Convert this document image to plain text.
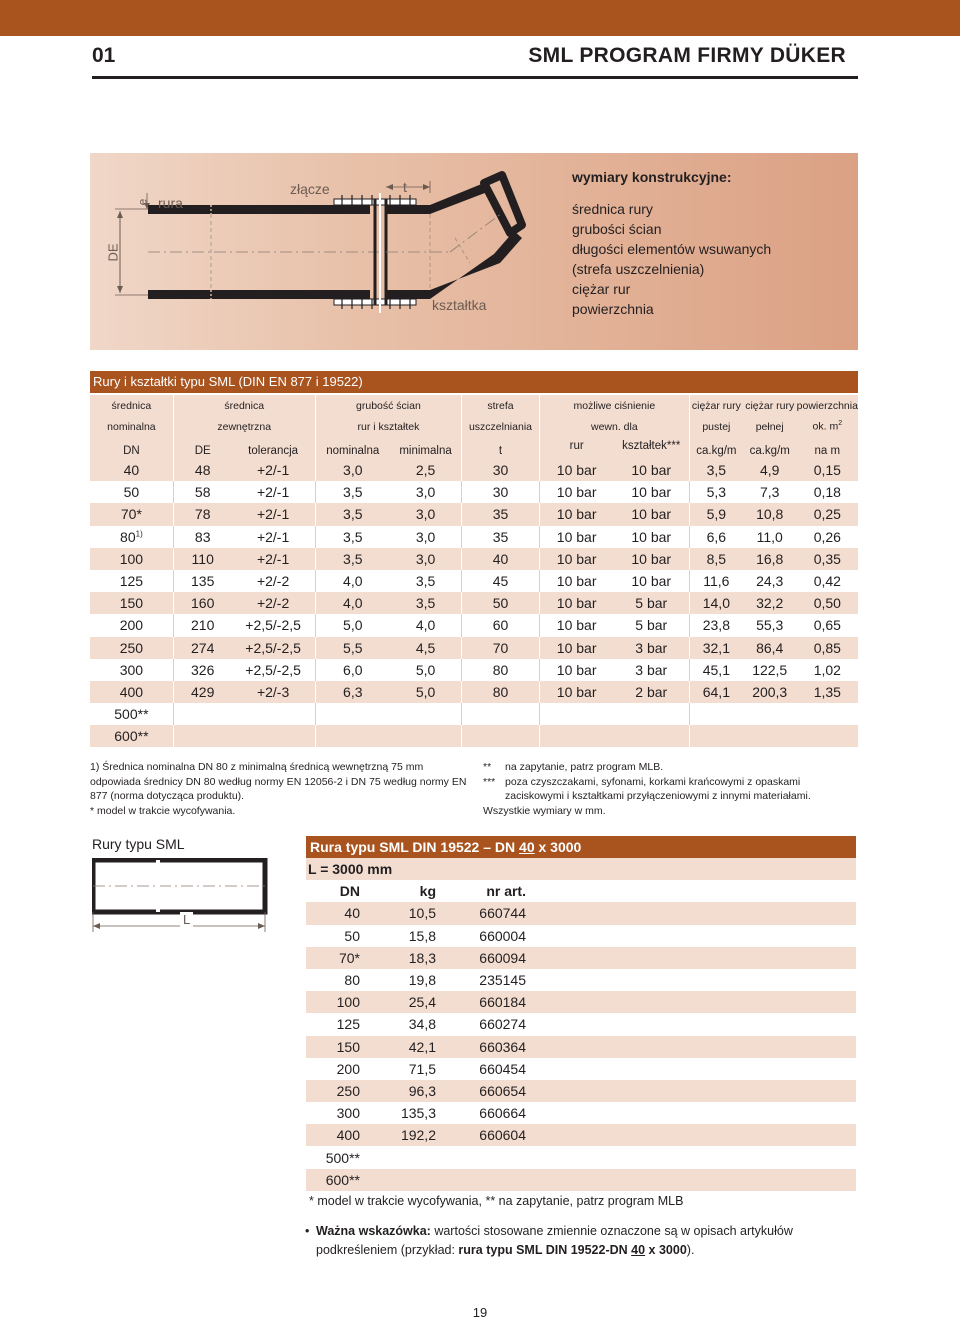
01	SML PROGRAM FIRMY DÜKER
DE
e rura
złącze	t
kształtka
wymiary konstrukcyjne:
średnica rury
grubości ścian
długości elementów wsuwanych
(strefa uszczelnienia)
ciężar rur
powierzchnia
Rury i kształtki typu SML (DIN EN 877 i 19522)
średnica	średnica		grubość ścian		strefa	możliwe ciśnienie		ciężar rury	ciężar rury	powierzchnia
nominalna	zewnętrzna		rur i kształtek		uszczelniania	wewn. dla		pustej	pełnej	ok. $m^2$
DN	DE	tolerancja	nominalna	minimalna	t	rur	kształtek***	ca.kg/m	ca.kg/m	na m
40	48	+2/-1	3,0	2,5	30	10 bar	10 bar	3,5	4,9	0,15
50	58	+2/-1	3,5	3,0	30	10 bar	10 bar	5,3	7,3	0,18
70*	78	+2/-1	3,5	3,0	35	10 bar	10 bar	5,9	10,8	0,25
80$^{1)}$	83	+2/-1	3,5	3,0	35	10 bar	10 bar	6,6	11,0	0,26
100	110	+2/-1	3,5	3,0	40	10 bar	10 bar	8,5	16,8	0,35
125	135	+2/-2	4,0	3,5	45	10 bar	10 bar	11,6	24,3	0,42
150	160	+2/-2	4,0	3,5	50	10 bar	5 bar	14,0	32,2	0,50
200	210	+2,5/-2,5	5,0	4,0	60	10 bar	5 bar	23,8	55,3	0,65
250	274	+2,5/-2,5	5,5	4,5	70	10 bar	3 bar	32,1	86,4	0,85
300	326	+2,5/-2,5	6,0	5,0	80	10 bar	3 bar	45,1	122,5	1,02
400	429	+2/-3	6,3	5,0	80	10 bar	2 bar	64,1	200,3	1,35
500**										
600**										
1) Średnica nominalna DN 80 z minimalną średnicą wewnętrzną 75 mm odpowiada średnicy DN 80 według normy EN 12056-2 i DN 75 według normy EN 877 (norma dotycząca produktu).
* model w trakcie wycofywania.
**	na zapytanie, patrz program MLB.
*** poza czyszczakami, syfonami, korkami krańcowymi z opaskami zaciskowymi i kształtkami przyłączeniowymi z innymi materiałami.
Wszystkie wymiary w mm.
Rury typu SML
L
Rura typu SML DIN 19522 – DN 40 x 3000
L = 3000 mm			
DN	kg	nr art.	
40	10,5	660744	
50	15,8	660004	
70*	18,3	660094	
80	19,8	235145	
100	25,4	660184	
125	34,8	660274	
150	42,1	660364	
200	71,5	660454	
250	96,3	660654	
300	135,3	660664	
400	192,2	660604	
500**			
600**			
* model w trakcie wycofywania, ** na zapytanie, patrz program MLB
• Ważna wskazówka: wartości stosowane zmiennie oznaczone są w opisach artykułów podkreśleniem (przykład: rura typu SML DIN 19522-DN 40 x 3000).
19
